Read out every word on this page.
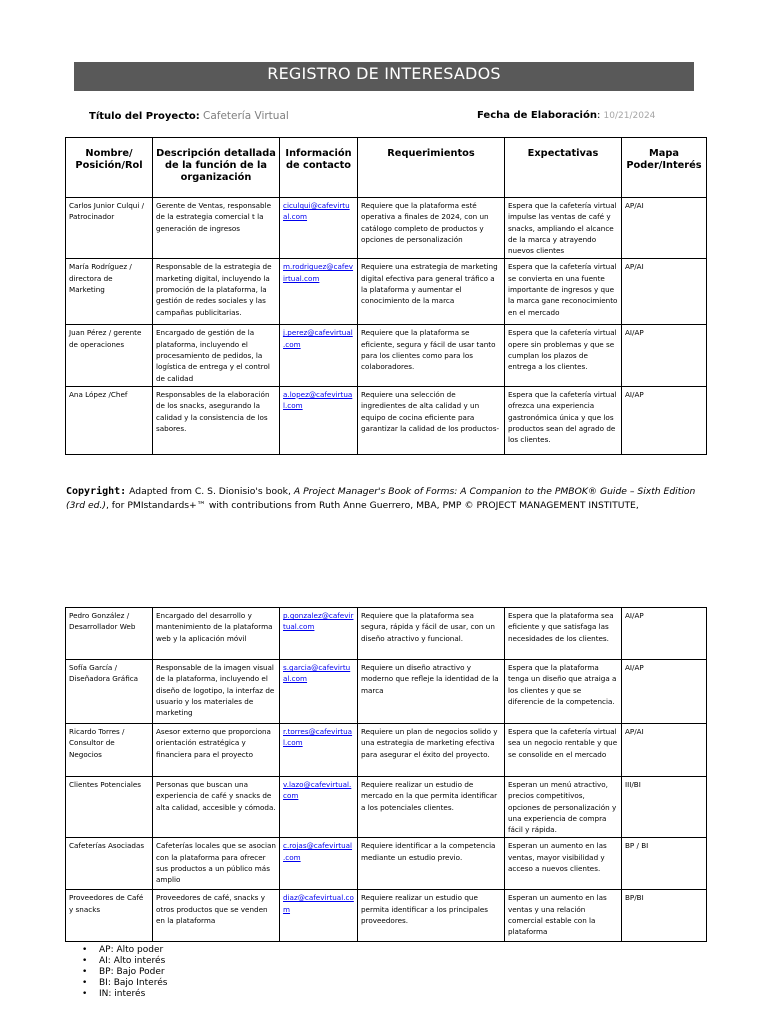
REGISTRO DE INTERESADOS
Título del Proyecto: Cafetería Virtual	Fecha de Elaboración: 10/21/2024
Nombre/ Posición/Rol	Descripción detallada de la función de la organización	Información de contacto	Requerimientos	Expectativas	Mapa Poder/Interés
Carlos Junior Culqui / Patrocinador	Gerente de Ventas, responsable de la estrategia comercial t la generación de ingresos	ciculqui@cafevirtual.com	Requiere que la plataforma esté operativa a finales de 2024, con un catálogo completo de productos y opciones de personalización	Espera que la cafetería virtual impulse las ventas de café y snacks, ampliando el alcance de la marca y atrayendo nuevos clientes	AP/AI
María Rodríguez / directora de Marketing	Responsable de la estrategia de marketing digital, incluyendo la promoción de la plataforma, la gestión de redes sociales y las campañas publicitarias.	m.rodriguez@cafevirtual.com	Requiere una estrategia de marketing digital efectiva para general tráfico a la plataforma y aumentar el conocimiento de la marca	Espera que la cafetería virtual se convierta en una fuente importante de ingresos y que la marca gane reconocimiento en el mercado	AP/AI
Juan Pérez / gerente de operaciones	Encargado de gestión de la plataforma, incluyendo el procesamiento de pedidos, la logística de entrega y el control de calidad	j.perez@cafevirtual.com	Requiere que la plataforma se eficiente, segura y fácil de usar tanto para los clientes como para los colaboradores.	Espera que la cafetería virtual opere sin problemas y que se cumplan los plazos de entrega a los clientes.	AI/AP
Ana López /Chef	Responsables de la elaboración de los snacks, asegurando la calidad y la consistencia de los sabores.	a.lopez@cafevirtual.com	Requiere una selección de ingredientes de alta calidad y un equipo de cocina eficiente para garantizar la calidad de los productos-	Espera que la cafetería virtual ofrezca una experiencia gastronómica única y que los productos sean del agrado de los clientes.	AI/AP
Copyright: Adapted from C. S. Dionisio's book, A Project Manager's Book of Forms: A Companion to the PMBOK® Guide – Sixth Edition (3rd ed.), for PMIstandards+™ with contributions from Ruth Anne Guerrero, MBA, PMP © PROJECT MANAGEMENT INSTITUTE,
Pedro González / Desarrollador Web	Encargado del desarrollo y mantenimiento de la plataforma web y la aplicación móvil	p.gonzalez@cafevirtual.com	Requiere que la plataforma sea segura, rápida y fácil de usar, con un diseño atractivo y funcional.	Espera que la plataforma sea eficiente y que satisfaga las necesidades de los clientes.	AI/AP
Sofía García / Diseñadora Gráfica	Responsable de la imagen visual de la plataforma, incluyendo el diseño de logotipo, la interfaz de usuario y los materiales de marketing	s.garcia@cafevirtual.com	Requiere un diseño atractivo y moderno que refleje la identidad de la marca	Espera que la plataforma tenga un diseño que atraiga a los clientes y que se diferencie de la competencia.	AI/AP
Ricardo Torres / Consultor de Negocios	Asesor externo que proporciona orientación estratégica y financiera para el proyecto	r.torres@cafevirtual.com	Requiere un plan de negocios solido y una estrategia de marketing efectiva para asegurar el éxito del proyecto.	Espera que la cafetería virtual sea un negocio rentable y que se consolide en el mercado	AP/AI
Clientes Potenciales	Personas que buscan una experiencia de café y snacks de alta calidad, accesible y cómoda.	v.lazo@cafevirtual.com	Requiere realizar un estudio de mercado en la que permita identificar a los potenciales clientes.	Esperan un menú atractivo, precios competitivos, opciones de personalización y una experiencia de compra fácil y rápida.	III/BI
Cafeterías Asociadas	Cafeterías locales que se asocian con la plataforma para ofrecer sus productos a un público más amplio	c.rojas@cafevirtual.com	Requiere identificar a la competencia mediante un estudio previo.	Esperan un aumento en las ventas, mayor visibilidad y acceso a nuevos clientes.	BP / BI
Proveedores de Café y snacks	Proveedores de café, snacks y otros productos que se venden en la plataforma	diaz@cafevirtual.com	Requiere realizar un estudio que permita identificar a los principales proveedores.	Esperan un aumento en las ventas y una relación comercial estable con la plataforma	BP/BI
• AP: Alto poder
• AI: Alto interés
• BP: Bajo Poder
• BI: Bajo Interés
• IN: interés
